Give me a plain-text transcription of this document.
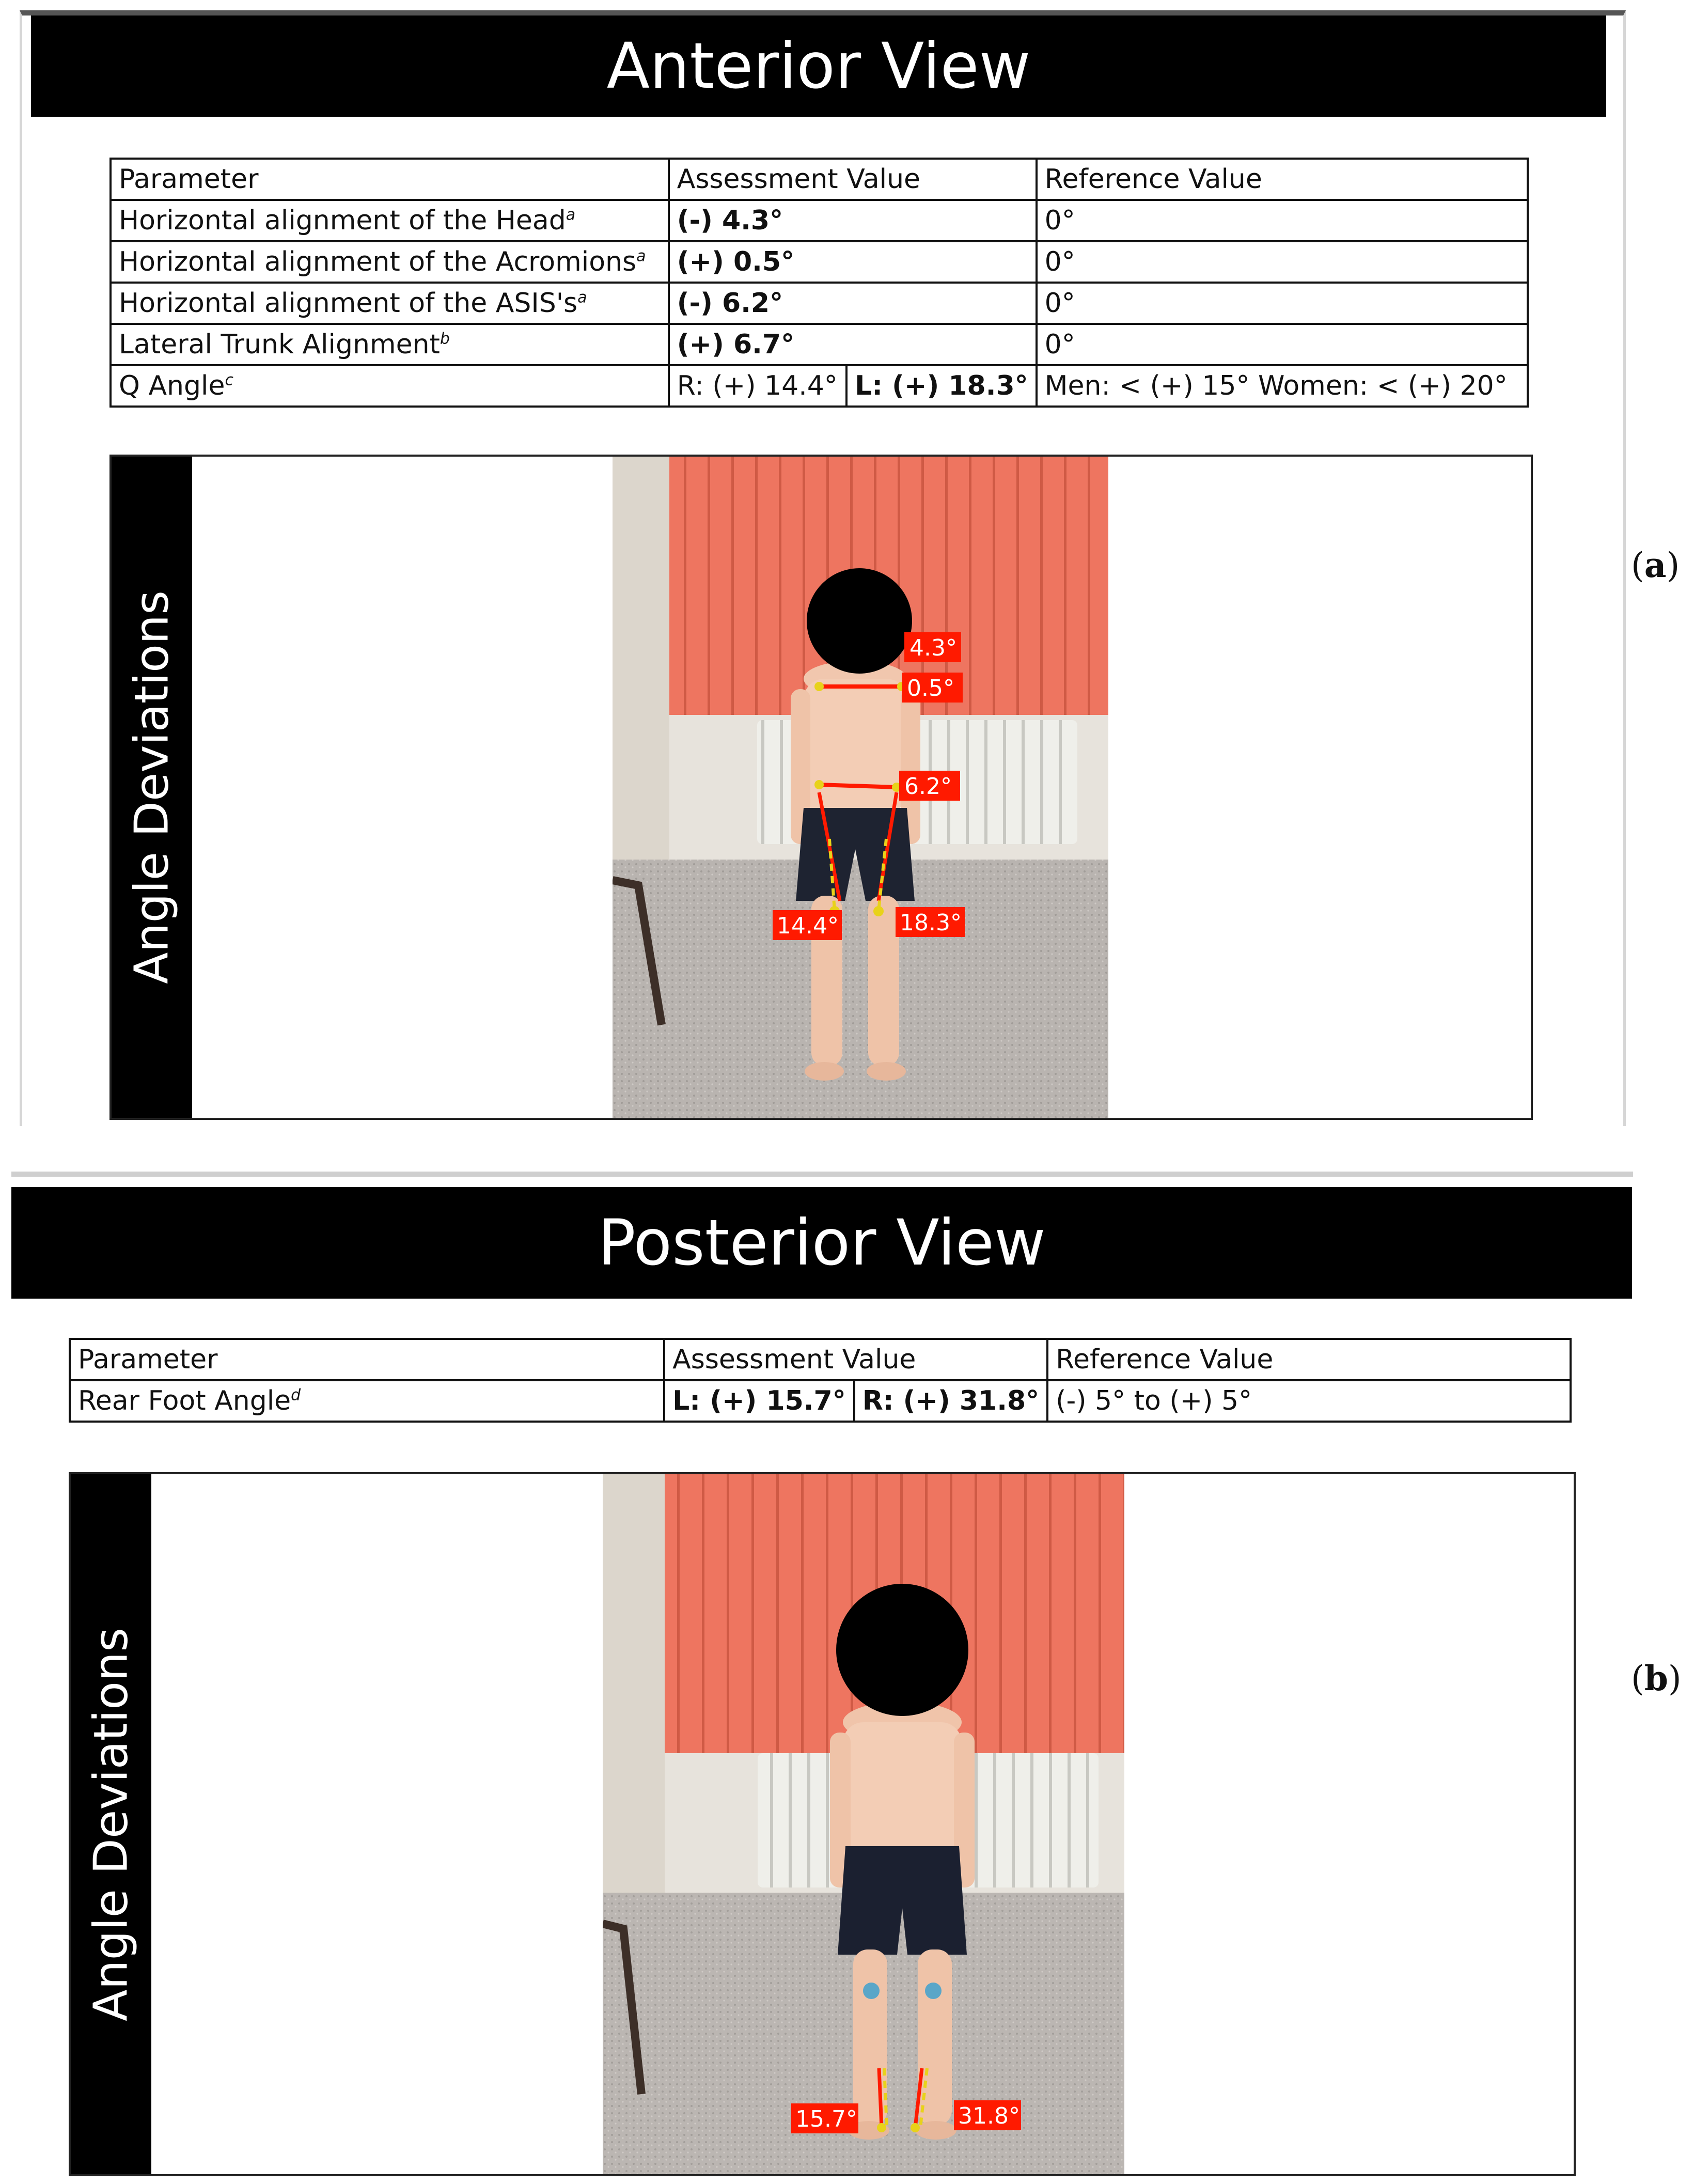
Anterior View
Parameter	Assessment Value		Reference Value
Horizontal alignment of the Head$^a$	(-) 4.3°		0°
Horizontal alignment of the Acromions$^a$	(+) 0.5°		0°
Horizontal alignment of the $ASIS's^a$	(-) 6.2°		0°
Lateral Trunk Alignment$^b$	(+) 6.7°		0°
Q Angle$^c$	R: (+) 14.4°	L: (+) 18.3°	Men: < (+) 15° Women: < (+) 20°
Angle Deviations	4.3°
0.5°
6.2°
14.4°	18.3°
(a)
Posterior View
Parameter	Assessment Value		Reference Value
Rear Foot Angle$^d$	L: (+) 15.7°	R: (+) 31.8°	(-) 5° to (+) 5°
Angle Deviations
15.7°	31.8°
(b)
